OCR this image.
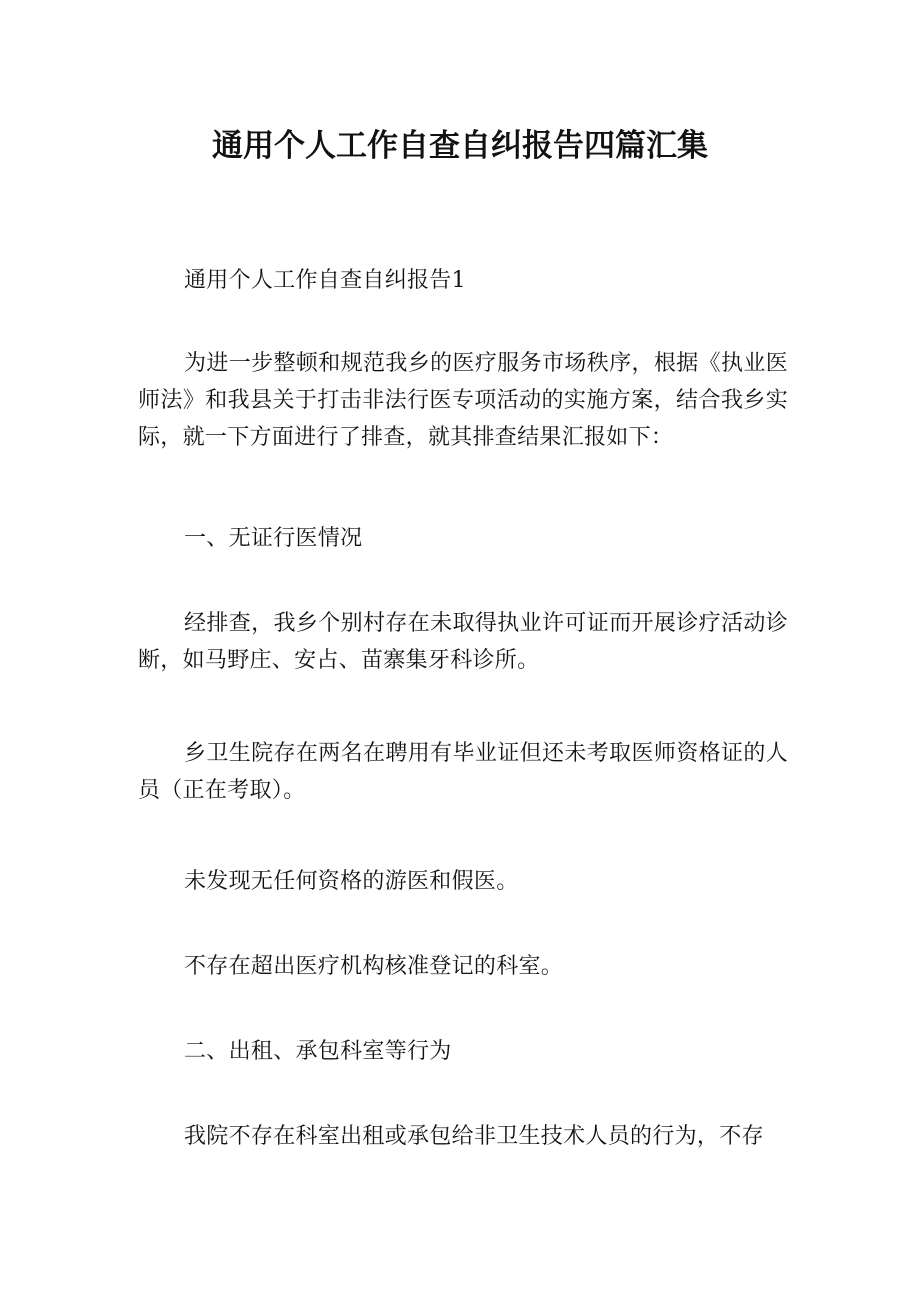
通用个人工作自查自纠报告四篇汇集

通用个人工作自查自纠报告1

为进一步整顿和规范我乡的医疗服务市场秩序，根据《执业医师法》和我县关于打击非法行医专项活动的实施方案，结合我乡实际，就一下方面进行了排查，就其排查结果汇报如下：

一、无证行医情况

经排查，我乡个别村存在未取得执业许可证而开展诊疗活动诊断，如马野庄、安占、苗寨集牙科诊所。

乡卫生院存在两名在聘用有毕业证但还未考取医师资格证的人员（正在考取）。

未发现无任何资格的游医和假医。

不存在超出医疗机构核准登记的科室。

二、出租、承包科室等行为

我院不存在科室出租或承包给非卫生技术人员的行为，不存
